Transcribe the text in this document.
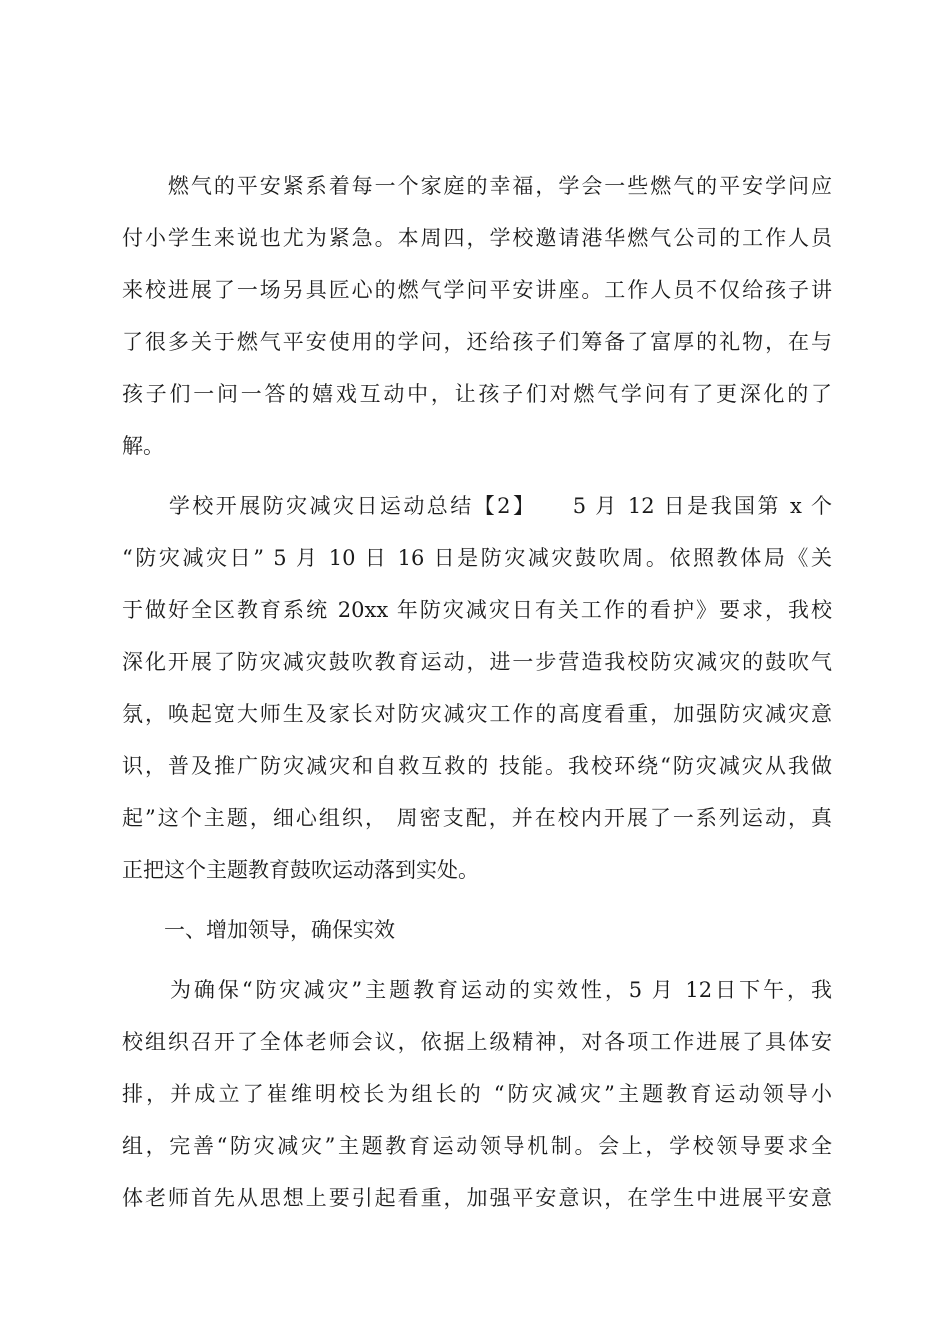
　　燃气的平安紧系着每一个家庭的幸福，学会一些燃气的平安学问应
付小学生来说也尤为紧急。本周四，学校邀请港华燃气公司的工作人员
来校进展了一场另具匠心的燃气学问平安讲座。工作人员不仅给孩子讲
了很多关于燃气平安使用的学问，还给孩子们筹备了富厚的礼物，在与
孩子们一问一答的嬉戏互动中，让孩子们对燃气学问有了更深化的了
解。
　　学校开展防灾减灾日运动总结【2】　　5 月 12 日是我国第 x 个
“防灾减灾日” 5 月 10 日 16 日是防灾减灾鼓吹周。依照教体局《关
于做好全区教育系统 20xx 年防灾减灾日有关工作的看护》要求，我校
深化开展了防灾减灾鼓吹教育运动，进一步营造我校防灾减灾的鼓吹气
氛，唤起宽大师生及家长对防灾减灾工作的高度看重，加强防灾减灾意
识，普及推广防灾减灾和自救互救的 技能。我校环绕“防灾减灾从我做
起”这个主题，细心组织， 周密支配，并在校内开展了一系列运动，真
正把这个主题教育鼓吹运动落到实处。
　　一、增加领导，确保实效
　　为确保“防灾减灾”主题教育运动的实效性，5 月 12日下午，我
校组织召开了全体老师会议，依据上级精神，对各项工作进展了具体安
排，并成立了崔维明校长为组长的 “防灾减灾”主题教育运动领导小
组，完善“防灾减灾”主题教育运动领导机制。会上，学校领导要求全
体老师首先从思想上要引起看重，加强平安意识，在学生中进展平安意
